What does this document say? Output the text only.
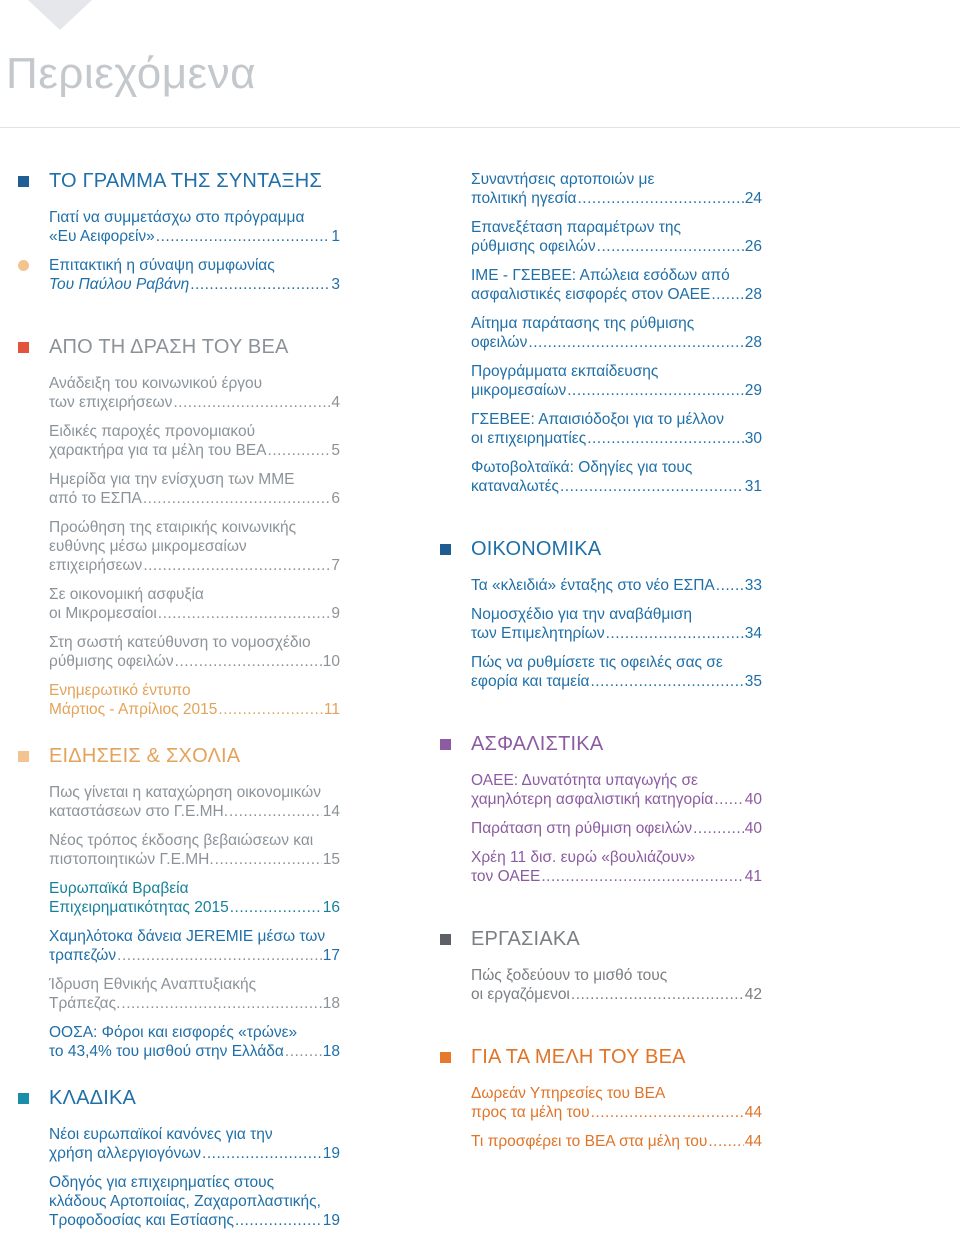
Περιεχόμενα
ΤΟ ΓΡΑΜΜΑ ΤΗΣ ΣΥΝΤΑΞΗΣ
Γιατί να συμμετάσχω στο πρόγραμμα
«Ευ Αειφορείν» .....	1
Επιτακτική η σύναψη συμφωνίας
Του Παύλου Ραβάνη .....	3
ΑΠΟ ΤΗ ΔΡΑΣΗ ΤΟΥ ΒΕΑ
Ανάδειξη του κοινωνικού έργου
των επιχειρήσεων .....	4
Ειδικές παροχές προνομιακού
χαρακτήρα για τα μέλη του ΒΕΑ .....	5
Ημερίδα για την ενίσχυση των ΜΜΕ
από το ΕΣΠΑ .....	6
Προώθηση της εταιρικής κοινωνικής
ευθύνης μέσω μικρομεσαίων
επιχειρήσεων .....	7
Σε οικονομική ασφυξία
οι Μικρομεσαίοι .....	9
Στη σωστή κατεύθυνση το νομοσχέδιο
ρύθμισης οφειλών .....	10
Ενημερωτικό έντυπο
Μάρτιος - Απρίλιος 2015 .....	11
ΕΙΔΗΣΕΙΣ & ΣΧΟΛΙΑ
Πως γίνεται η καταχώρηση οικονομικών
καταστάσεων στο Γ.Ε.ΜΗ. .....	14
Νέος τρόπος έκδοσης βεβαιώσεων και
πιστοποιητικών Γ.Ε.ΜΗ. .....	15
Ευρωπαϊκά Βραβεία
Επιχειρηματικότητας 2015 .....	16
Χαμηλότοκα δάνεια JEREMIE μέσω των
τραπεζών .....	17
Ίδρυση Εθνικής Αναπτυξιακής
Τράπεζας. .....	18
ΟΟΣΑ: Φόροι και εισφορές «τρώνε»
το 43,4% του μισθού στην Ελλάδα .....	18
ΚΛΑΔΙΚΑ
Νέοι ευρωπαϊκοί κανόνες για την
χρήση αλλεργιογόνων .....	19
Οδηγός για επιχειρηματίες στους
κλάδους Αρτοποιίας, Ζαχαροπλαστικής,
Τροφοδοσίας και Εστίασης .....	19
Συναντήσεις αρτοποιών με
πολιτική ηγεσία .....	24
Επανεξέταση παραμέτρων της
ρύθμισης οφειλών .....	26
ΙΜΕ - ΓΣΕΒΕΕ: Απώλεια εσόδων από
ασφαλιστικές εισφορές στον ΟΑΕΕ ..... 28
Αίτημα παράτασης της ρύθμισης
οφειλών .....	28
Προγράμματα εκπαίδευσης
μικρομεσαίων .....	29
ΓΣΕΒΕΕ: Απαισιόδοξοι για το μέλλον
οι επιχειρηματίες .....	30
Φωτοβολταϊκά: Οδηγίες για τους
καταναλωτές .....	31
ΟΙΚΟΝΟΜΙΚΑ
Τα «κλειδιά» ένταξης στο νέο ΕΣΠΑ ..... 33
Νομοσχέδιο για την αναβάθμιση
των Επιμελητηρίων .....	34
Πώς να ρυθμίσετε τις οφειλές σας σε
εφορία και ταμεία .....	35
ΑΣΦΑΛΙΣΤΙΚΑ
ΟΑΕΕ: Δυνατότητα υπαγωγής σε
χαμηλότερη ασφαλιστική κατηγορία ..... 40
Παράταση στη ρύθμιση οφειλών .....	40
Χρέη 11 δισ. ευρώ «βουλιάζουν»
τον ΟΑΕΕ .....	41
ΕΡΓΑΣΙΑΚΑ
Πώς ξοδεύουν το μισθό τους
οι εργαζόμενοι .....	42
ΓΙΑ ΤΑ ΜΕΛΗ ΤΟΥ ΒΕΑ
Δωρεάν Υπηρεσίες του ΒΕΑ
προς τα μέλη του .....	44
Τι προσφέρει το ΒΕΑ στα μέλη του ..... 44
